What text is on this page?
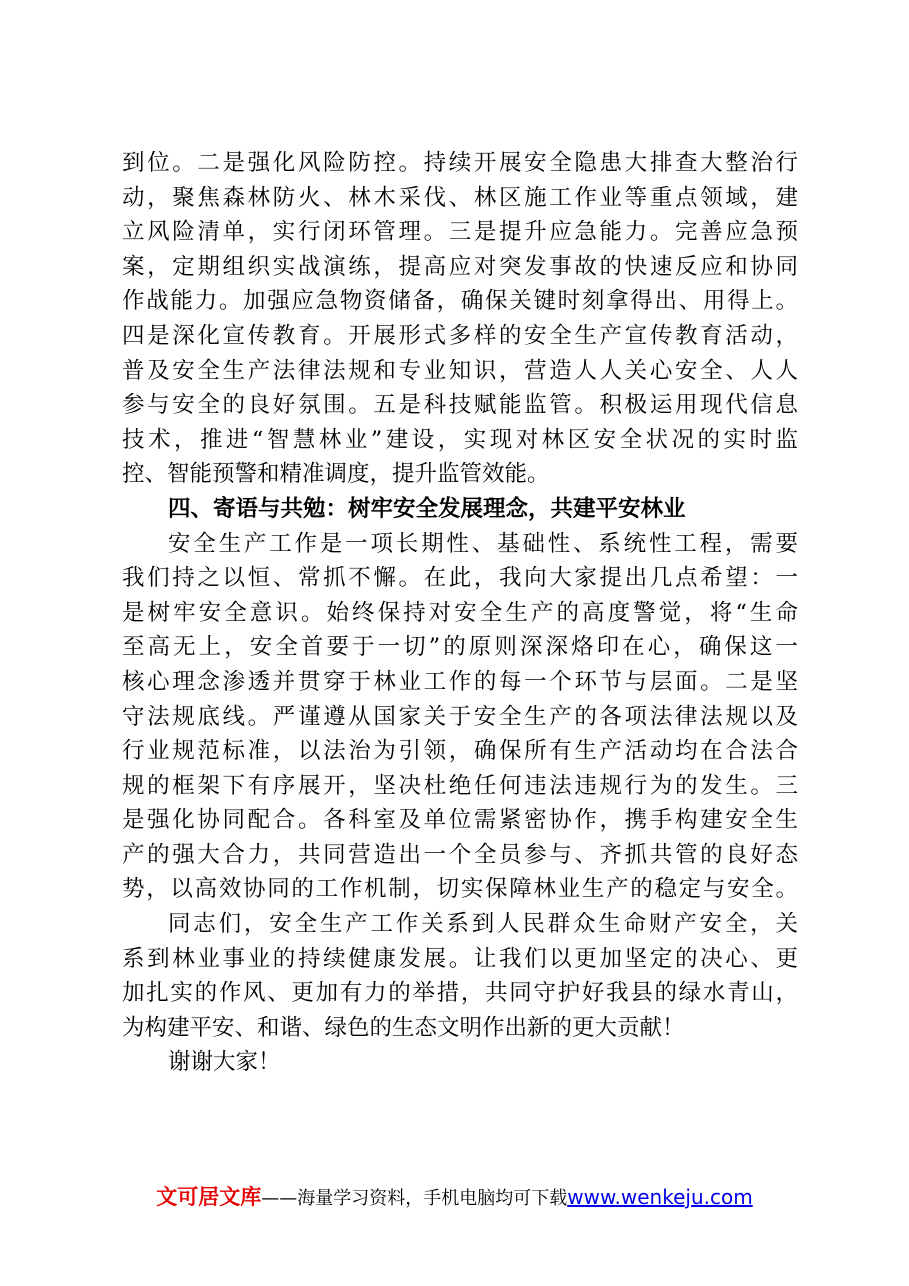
到位。二是强化风险防控。持续开展安全隐患大排查大整治行
动，聚焦森林防火、林木采伐、林区施工作业等重点领域，建
立风险清单，实行闭环管理。三是提升应急能力。完善应急预
案，定期组织实战演练，提高应对突发事故的快速反应和协同
作战能力。加强应急物资储备，确保关键时刻拿得出、用得上。
四是深化宣传教育。开展形式多样的安全生产宣传教育活动，
普及安全生产法律法规和专业知识，营造人人关心安全、人人
参与安全的良好氛围。五是科技赋能监管。积极运用现代信息
技术，推进“智慧林业”建设，实现对林区安全状况的实时监
控、智能预警和精准调度，提升监管效能。
四、寄语与共勉：树牢安全发展理念，共建平安林业
安全生产工作是一项长期性、基础性、系统性工程，需要
我们持之以恒、常抓不懈。在此，我向大家提出几点希望：一
是树牢安全意识。始终保持对安全生产的高度警觉，将“生命
至高无上，安全首要于一切”的原则深深烙印在心，确保这一
核心理念渗透并贯穿于林业工作的每一个环节与层面。二是坚
守法规底线。严谨遵从国家关于安全生产的各项法律法规以及
行业规范标准，以法治为引领，确保所有生产活动均在合法合
规的框架下有序展开，坚决杜绝任何违法违规行为的发生。三
是强化协同配合。各科室及单位需紧密协作，携手构建安全生
产的强大合力，共同营造出一个全员参与、齐抓共管的良好态
势，以高效协同的工作机制，切实保障林业生产的稳定与安全。
同志们，安全生产工作关系到人民群众生命财产安全，关
系到林业事业的持续健康发展。让我们以更加坚定的决心、更
加扎实的作风、更加有力的举措，共同守护好我县的绿水青山，
为构建平安、和谐、绿色的生态文明作出新的更大贡献！
谢谢大家！
文可居文库——海量学习资料，手机电脑均可下载www.wenkeju.com
